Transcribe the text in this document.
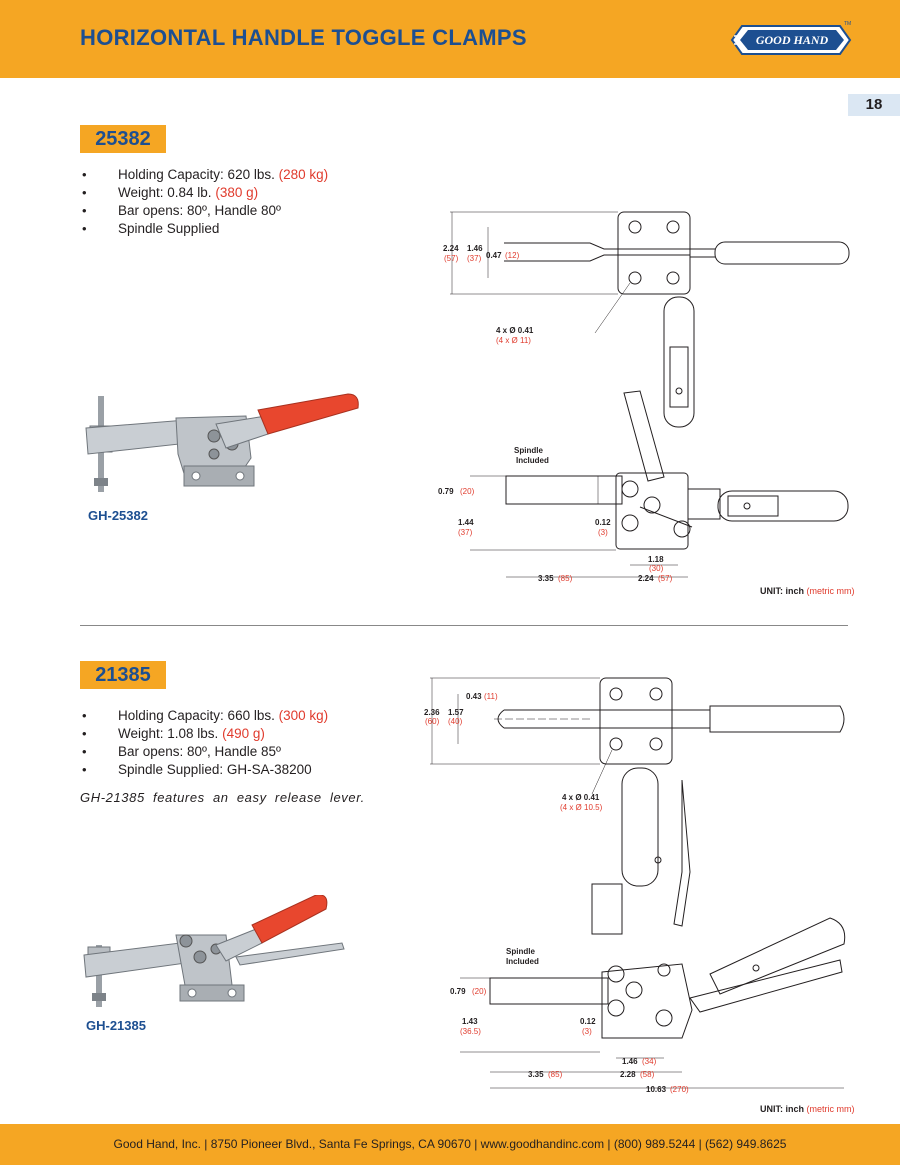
HORIZONTAL HANDLE TOGGLE CLAMPS	GOOD HAND
TM
18
25382
• Holding Capacity: 620 lbs. (280 kg)
• Weight: 0.84 lb. (380 g)
• Bar opens: 80º, Handle 80º
• Spindle Supplied
GH-25382
2.24
(57)
1.46
(37) 0.47 (12)
4 x Ø 0.41
(4 x Ø 11)
Spindle
Included
0.79 (20)
1.44
(37)
0.12
(3)
1.18
(30)
3.35 (85)	2.24 (57)
UNIT: inch (metric mm)
21385
• Holding Capacity: 660 lbs. (300 kg)
• Weight: 1.08 lbs. (490 g)
• Bar opens: 80º, Handle 85º
• Spindle Supplied: GH-SA-38200
GH-21385 features an easy release lever.
GH-21385
2.36
(60)
1.57
(40)
0.43 (11)
4 x Ø 0.41
(4 x Ø 10.5)
Spindle
Included
0.79 (20)
1.43
(36.5)
0.12
(3)
1.46 (34)
3.35 (85)	2.28 (58)
10.63 (270)
UNIT: inch (metric mm)
Good Hand, Inc. | 8750 Pioneer Blvd., Santa Fe Springs, CA 90670 | www.goodhandinc.com | (800) 989.5244 | (562) 949.8625
